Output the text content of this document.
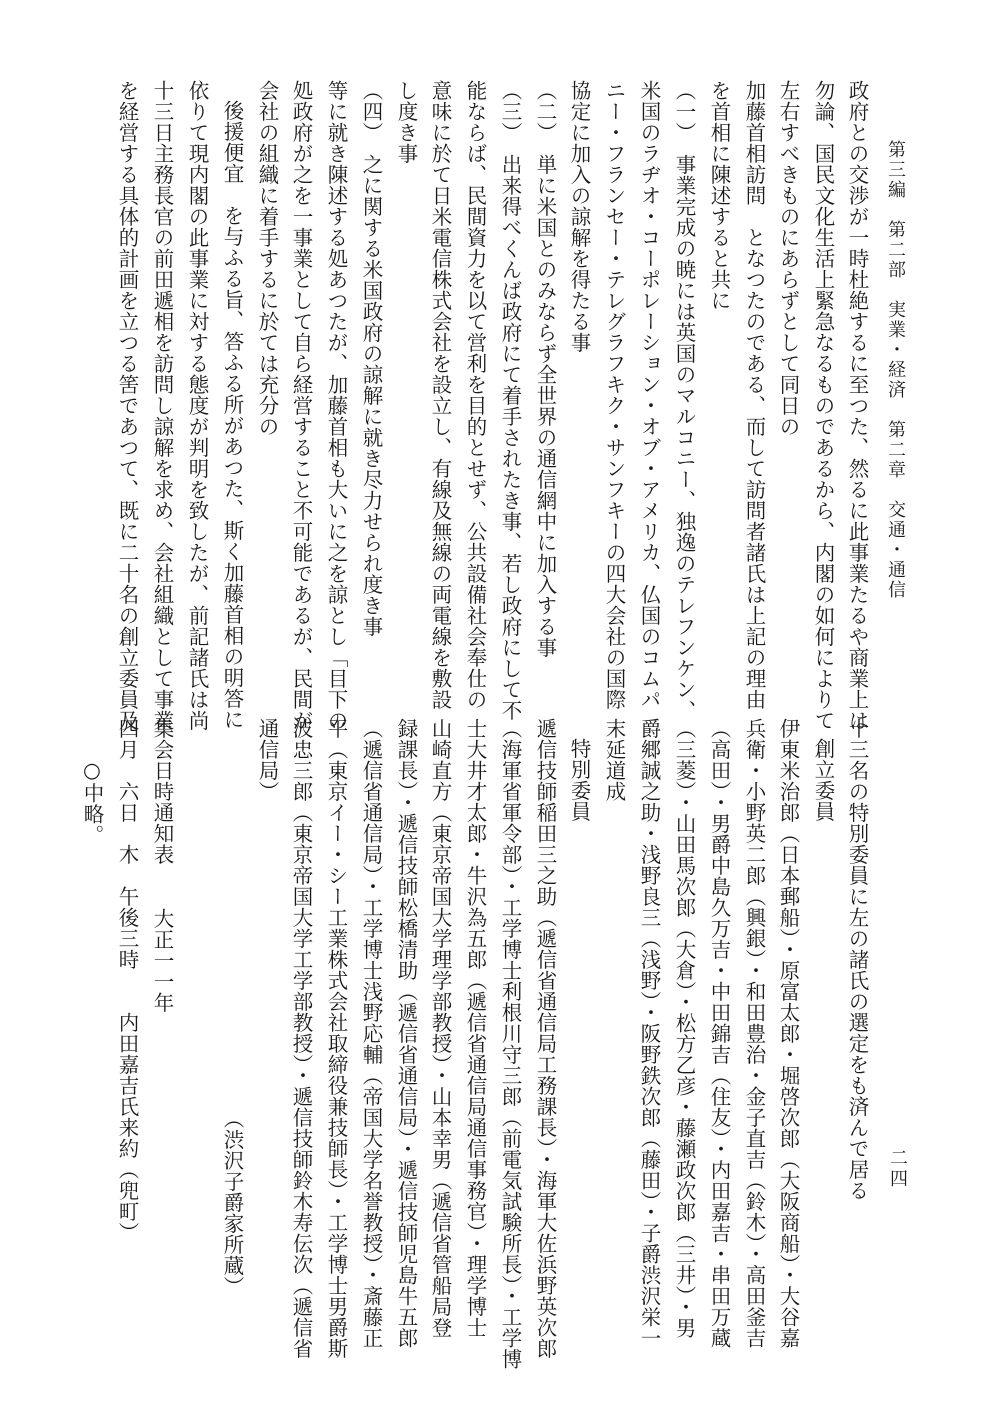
第三編　第二部　実業・経済　第二章　交通・通信
二四
政府との交渉が一時杜絶するに至つた、然るに此事業たるや商業上は
勿論、国民文化生活上緊急なるものであるから、内閣の如何によりて
左右すべきものにあらずとして同日の
加藤首相訪問　となつたのである、而して訪問者諸氏は上記の理由
を首相に陳述すると共に
（一）　事業完成の暁には英国のマルコニー、独逸のテレフンケン、
米国のラヂオ・コーポレーション・オブ・アメリカ、仏国のコムパ
ニー・フランセー・テレグラフキク・サンフキーの四大会社の国際
協定に加入の諒解を得たる事
（二）　単に米国とのみならず全世界の通信網中に加入する事
（三）　出来得べくんば政府にて着手されたき事、若し政府にして不
能ならば、民間資力を以て営利を目的とせず、公共設備社会奉仕の
意味に於て日米電信株式会社を設立し、有線及無線の両電線を敷設
し度き事
（四）　之に関する米国政府の諒解に就き尽力せられ度き事
等に就き陳述する処あつたが、加藤首相も大いに之を諒とし「目下の
処政府が之を一事業として自ら経営すること不可能であるが、民間が
会社の組織に着手するに於ては充分の
後援便宜　を与ふる旨、答ふる所があつた、斯く加藤首相の明答に
依りて現内閣の此事業に対する態度が判明を致したが、前記諸氏は尚
十三日主務長官の前田遞相を訪問し諒解を求め、会社組織として事業
を経営する具体的計画を立つる筈であつて、既に二十名の創立委員及
十三名の特別委員に左の諸氏の選定をも済んで居る
創立委員
伊東米治郎（日本郵船）・原富太郎・堀啓次郎（大阪商船）・大谷嘉
兵衛・小野英二郎（興銀）・和田豊治・金子直吉（鈴木）・高田釜吉
（高田）・男爵中島久万吉・中田錦吉（住友）・内田嘉吉・串田万蔵
（三菱）・山田馬次郎（大倉）・松方乙彦・藤瀬政次郎（三井）・男
爵郷誠之助・浅野良三（浅野）・阪野鉄次郎（藤田）・子爵渋沢栄一
末延道成
特別委員
遞信技師稲田三之助（遞信省通信局工務課長）・海軍大佐浜野英次郎
（海軍省軍令部）・工学博士利根川守三郎（前電気試験所長）・工学博
士大井才太郎・牛沢為五郎（遞信省通信局通信事務官）・理学博士
山崎直方（東京帝国大学理学部教授）・山本幸男（遞信省管船局登
録課長）・遞信技師松橋清助（遞信省通信局）・遞信技師児島牛五郎
（遞信省通信局）・工学博士浅野応輔（帝国大学名誉教授）・斎藤正
平（東京イー・シー工業株式会社取締役兼技師長）・工学博士男爵斯
波忠三郎（東京帝国大学工学部教授）・遞信技師鈴木寿伝次（遞信省
通信局）
（渋沢子爵家所蔵）
集会日時通知表
大正一一年
四月　六日　木　午後三時　　内田嘉吉氏来約（兜町）
○中略。
